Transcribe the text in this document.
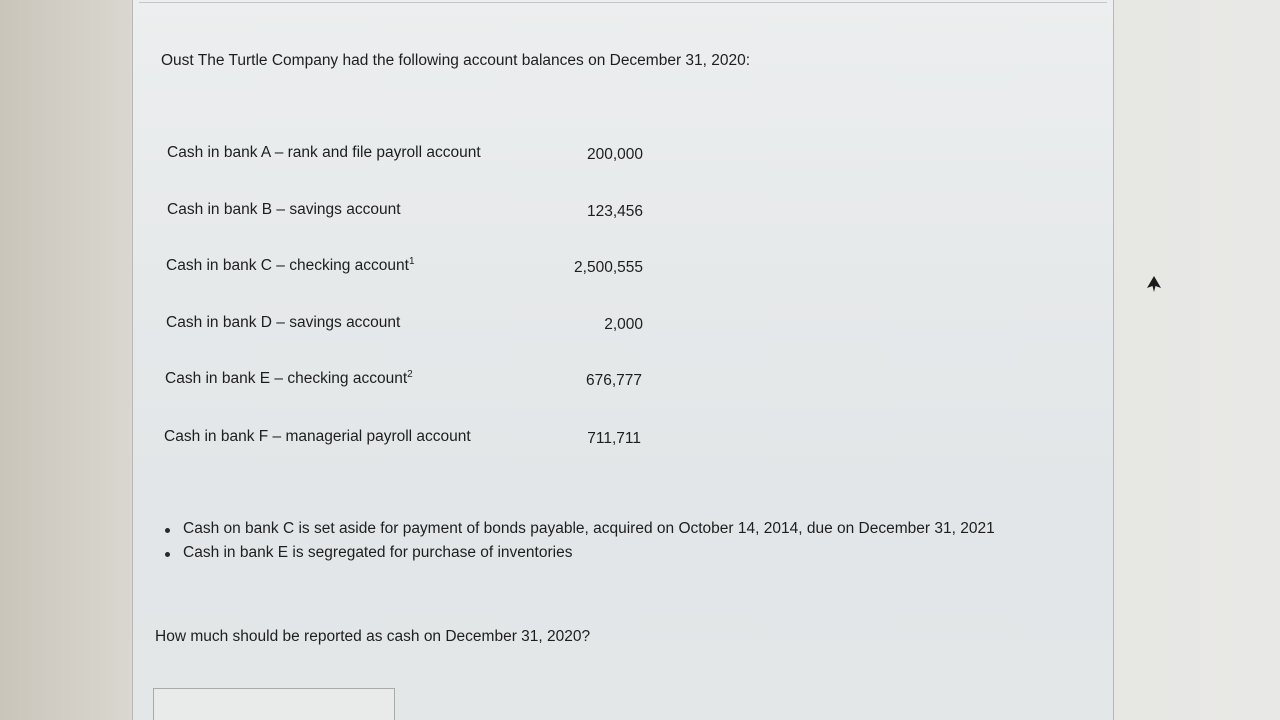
Oust The Turtle Company had the following account balances on December 31, 2020:

Cash in bank A – rank and file payroll account	200,000
Cash in bank B – savings account	123,456
Cash in bank C – checking account$^1$	2,500,555
Cash in bank D – savings account	2,000
Cash in bank E – checking account$^2$	676,777
Cash in bank F – managerial payroll account	711,711
Cash on bank C is set aside for payment of bonds payable, acquired on October 14, 2014, due on December 31, 2021
Cash in bank E is segregated for purchase of inventories

How much should be reported as cash on December 31, 2020?
